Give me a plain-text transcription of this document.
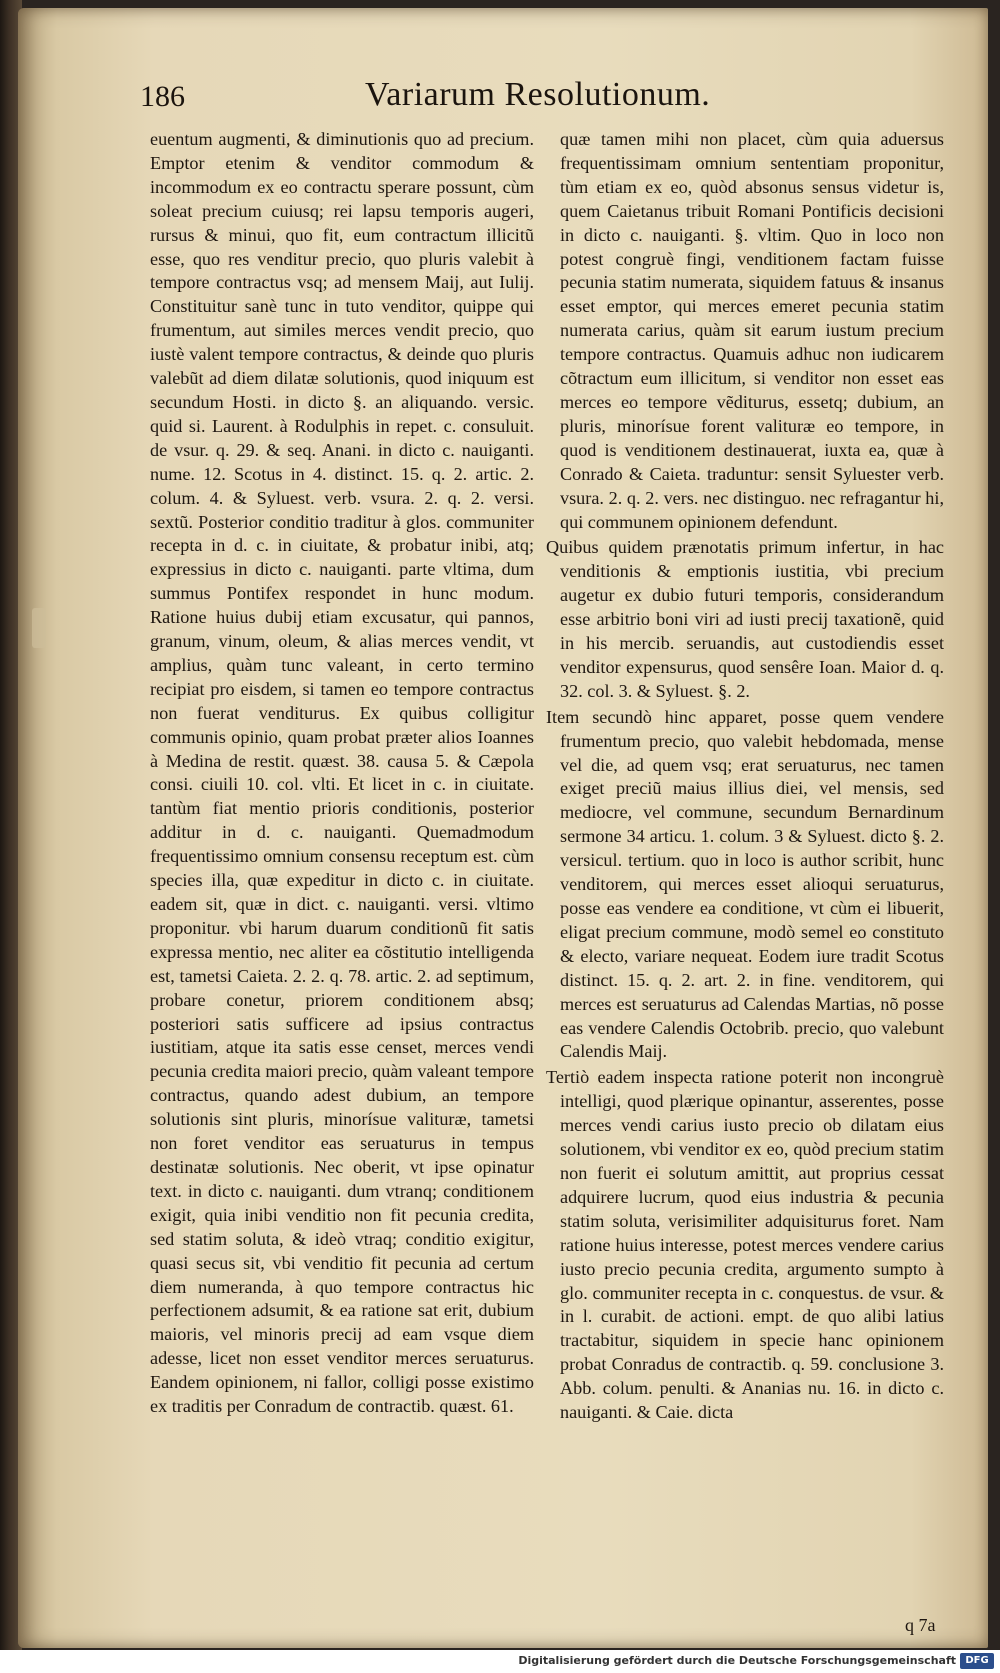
186	Variarum Resolutionum.

euentum augmenti, & diminutionis quo ad precium. Emptor etenim & venditor commodum & incommodum ex eo contractu sperare possunt, cùm soleat precium cuiusq; rei lapsu temporis augeri, rursus & minui, quo fit, eum contractum illicitũ esse, quo res venditur precio, quo pluris valebit à tempore contractus vsq; ad mensem Maij, aut Iulij. Constituitur sanè tunc in tuto venditor, quippe qui frumentum, aut similes merces vendit precio, quo iustè valent tempore contractus, & deinde quo pluris valebũt ad diem dilatæ solutionis, quod iniquum est secundum Hosti. in dicto §. an aliquando. versic. quid si. Laurent. à Rodulphis in repet. c. consuluit. de vsur. q. 29. & seq. Anani. in dicto c. nauiganti. nume. 12. Scotus in 4. distinct. 15. q. 2. artic. 2. colum. 4. & Syluest. verb. vsura. 2. q. 2. versi. sextũ. Posterior conditio traditur à glos. communiter recepta in d. c. in ciuitate, & probatur inibi, atq; expressius in dicto c. nauiganti. parte vltima, dum summus Pontifex respondet in hunc modum. Ratione huius dubij etiam excusatur, qui pannos, granum, vinum, oleum, & alias merces vendit, vt amplius, quàm tunc valeant, in certo termino recipiat pro eisdem, si tamen eo tempore contractus non fuerat venditurus. Ex quibus colligitur communis opinio, quam probat præter alios Ioannes à Medina de restit. quæst. 38. causa 5. & Cæpola consi. ciuili 10. col. vlti. Et licet in c. in ciuitate. tantùm fiat mentio prioris conditionis, posterior additur in d. c. nauiganti. Quemadmodum frequentissimo omnium consensu receptum est. cùm species illa, quæ expeditur in dicto c. in ciuitate. eadem sit, quæ in dict. c. nauiganti. versi. vltimo proponitur. vbi harum duarum conditionũ fit satis expressa mentio, nec aliter ea cõstitutio intelligenda est, tametsi Caieta. 2. 2. q. 78. artic. 2. ad septimum, probare conetur, priorem conditionem absq; posteriori satis sufficere ad ipsius contractus iustitiam, atque ita satis esse censet, merces vendi pecunia credita maiori precio, quàm valeant tempore contractus, quando adest dubium, an tempore solutionis sint pluris, minorísue valituræ, tametsi non foret venditor eas seruaturus in tempus destinatæ solutionis. Nec oberit, vt ipse opinatur text. in dicto c. nauiganti. dum vtranq; conditionem exigit, quia inibi venditio non fit pecunia credita, sed statim soluta, & ideò vtraq; conditio exigitur, quasi secus sit, vbi venditio fit pecunia ad certum diem numeranda, à quo tempore contractus hic perfectionem adsumit, & ea ratione sat erit, dubium maioris, vel minoris precij ad eam vsque diem adesse, licet non esset venditor merces seruaturus. Eandem opinionem, ni fallor, colligi posse existimo ex traditis per Conradum de contractib. quæst. 61.

quæ tamen mihi non placet, cùm quia aduersus frequentissimam omnium sententiam proponitur, tùm etiam ex eo, quòd absonus sensus videtur is, quem Caietanus tribuit Romani Pontificis decisioni in dicto c. nauiganti. §. vltim. Quo in loco non potest congruè fingi, venditionem factam fuisse pecunia statim numerata, siquidem fatuus & insanus esset emptor, qui merces emeret pecunia statim numerata carius, quàm sit earum iustum precium tempore contractus. Quamuis adhuc non iudicarem cõtractum eum illicitum, si venditor non esset eas merces eo tempore vẽditurus, essetq; dubium, an pluris, minorísue forent valituræ eo tempore, in quod is venditionem destinauerat, iuxta ea, quæ à Conrado & Caieta. traduntur: sensit Syluester verb. vsura. 2. q. 2. vers. nec distinguo. nec refragantur hi, qui communem opinionem defendunt.

Quibus quidem prænotatis primum infertur, in hac venditionis & emptionis iustitia, vbi precium augetur ex dubio futuri temporis, considerandum esse arbitrio boni viri ad iusti precij taxationẽ, quid in his mercib. seruandis, aut custodiendis esset venditor expensurus, quod sensêre Ioan. Maior d. q. 32. col. 3. & Syluest. §. 2.

Item secundò hinc apparet, posse quem vendere frumentum precio, quo valebit hebdomada, mense vel die, ad quem vsq; erat seruaturus, nec tamen exiget preciũ maius illius diei, vel mensis, sed mediocre, vel commune, secundum Bernardinum sermone 34 articu. 1. colum. 3 & Syluest. dicto §. 2. versicul. tertium. quo in loco is author scribit, hunc venditorem, qui merces esset alioqui seruaturus, posse eas vendere ea conditione, vt cùm ei libuerit, eligat precium commune, modò semel eo constituto & electo, variare nequeat. Eodem iure tradit Scotus distinct. 15. q. 2. art. 2. in fine. venditorem, qui merces est seruaturus ad Calendas Martias, nõ posse eas vendere Calendis Octobrib. precio, quo valebunt Calendis Maij.

Tertiò eadem inspecta ratione poterit non incongruè intelligi, quod plærique opinantur, asserentes, posse merces vendi carius iusto precio ob dilatam eius solutionem, vbi venditor ex eo, quòd precium statim non fuerit ei solutum amittit, aut proprius cessat adquirere lucrum, quod eius industria & pecunia statim soluta, verisimiliter adquisiturus foret. Nam ratione huius interesse, potest merces vendere carius iusto precio pecunia credita, argumento sumpto à glo. communiter recepta in c. conquestus. de vsur. & in l. curabit. de actioni. empt. de quo alibi latius tractabitur, siquidem in specie hanc opinionem probat Conradus de contractib. q. 59. conclusione 3. Abb. colum. penulti. & Ananias nu. 16. in dicto c. nauiganti. & Caie. dicta

q 7a
Digitalisierung gefördert durch die Deutsche Forschungsgemeinschaft DFG
